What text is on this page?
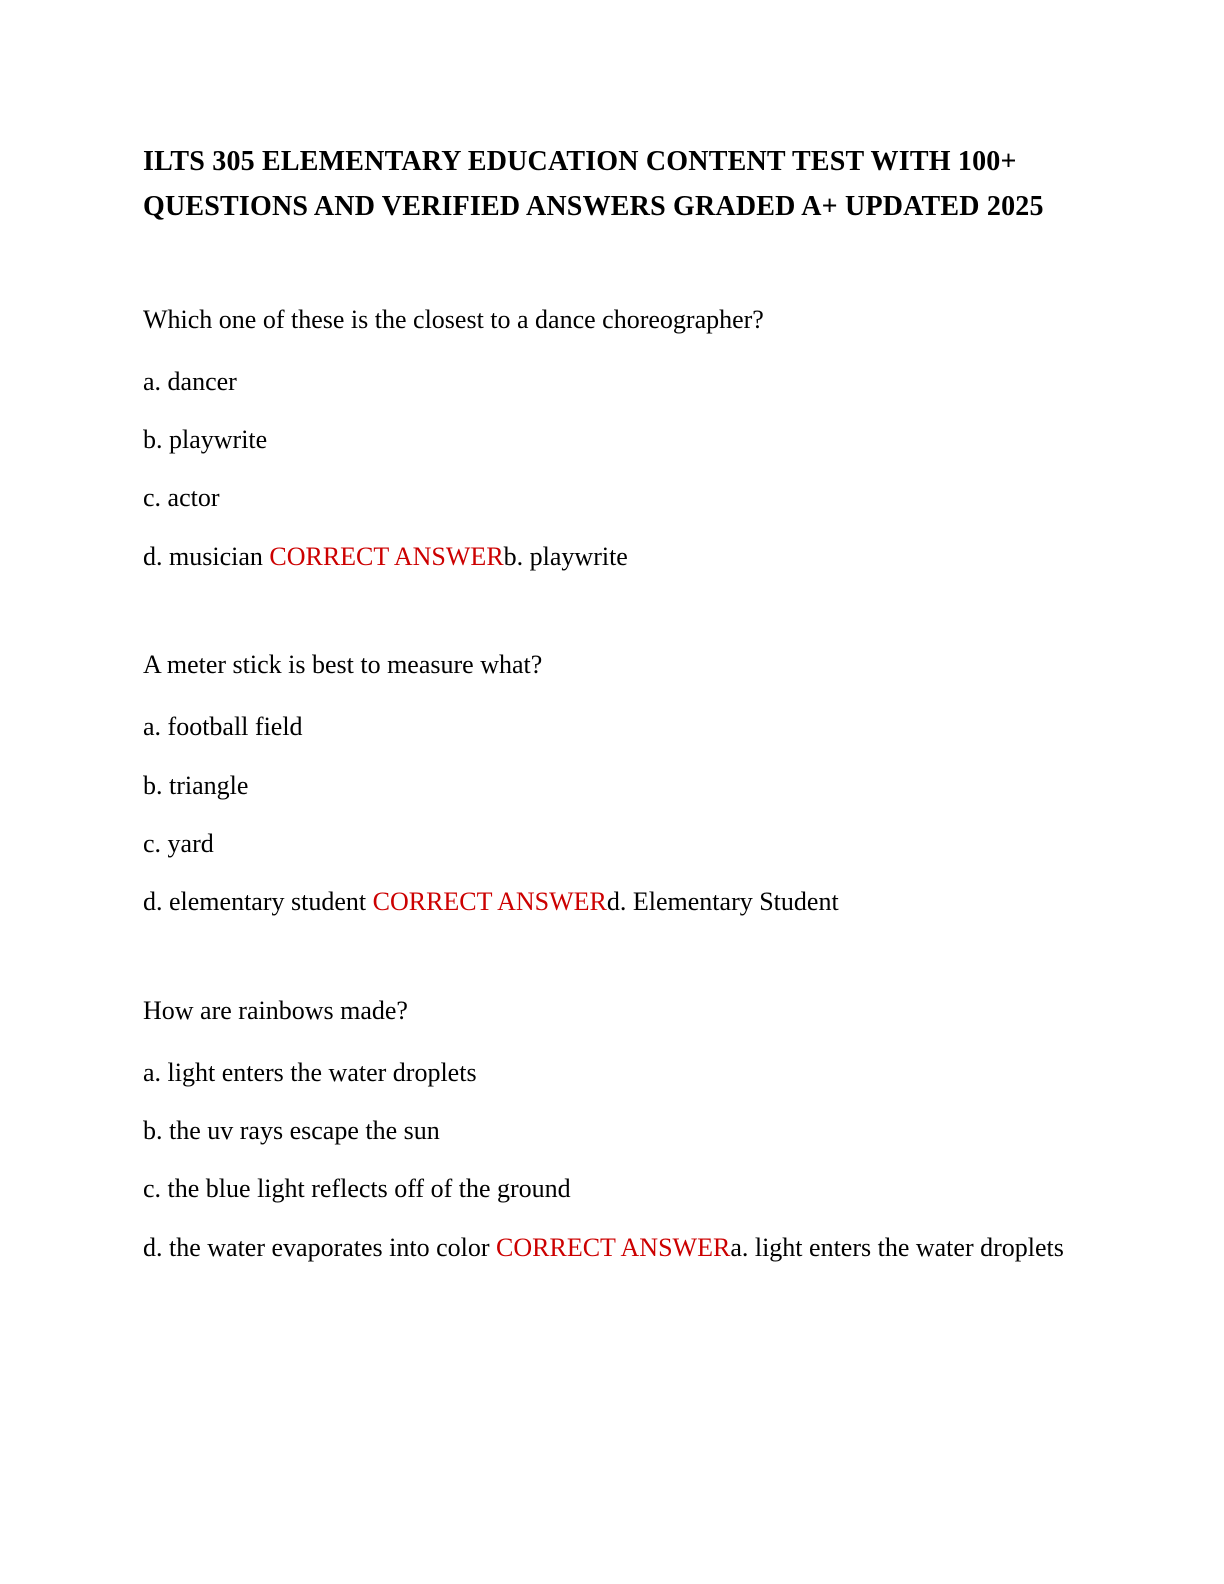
ILTS 305 ELEMENTARY EDUCATION CONTENT TEST WITH 100+ QUESTIONS AND VERIFIED ANSWERS GRADED A+ UPDATED 2025

Which one of these is the closest to a dance choreographer?

a. dancer

b. playwrite

c. actor

d. musician CORRECT ANSWERb. playwrite

A meter stick is best to measure what?

a. football field

b. triangle

c. yard

d. elementary student CORRECT ANSWERd. Elementary Student

How are rainbows made?

a. light enters the water droplets

b. the uv rays escape the sun

c. the blue light reflects off of the ground

d. the water evaporates into color CORRECT ANSWERa. light enters the water droplets
